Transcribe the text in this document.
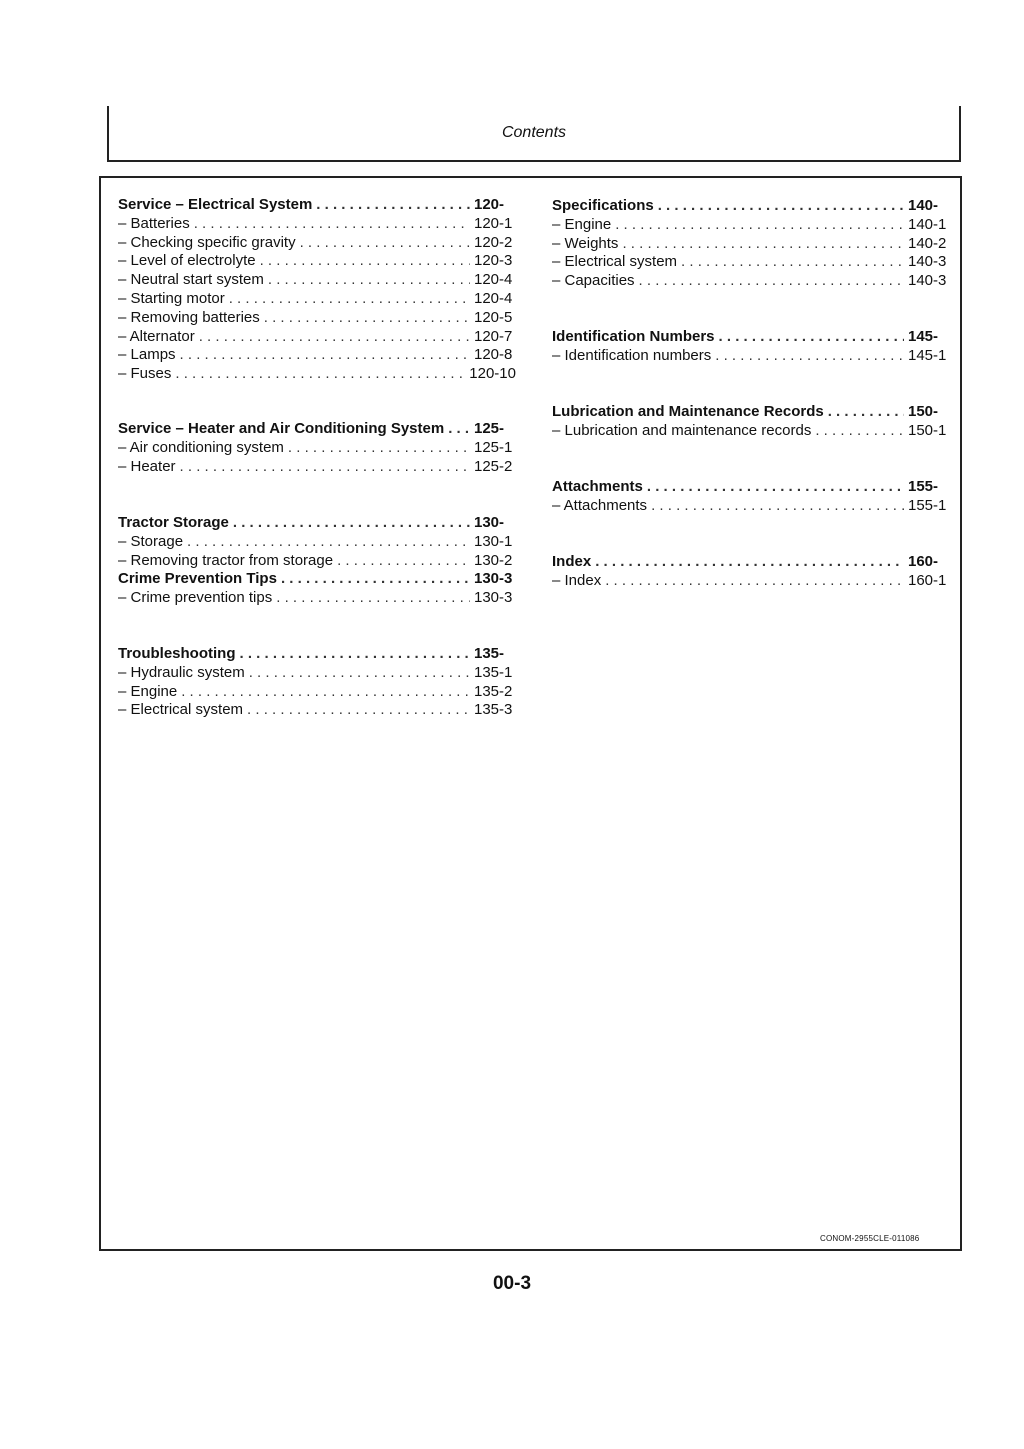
Contents
Service – Electrical System . . .	120-
– Batteries . . .	120-1
– Checking specific gravity . . .	120-2
– Level of electrolyte . . .	120-3
– Neutral start system . . .	120-4
– Starting motor . . .	120-4
– Removing batteries . . .	120-5
– Alternator . . .	120-7
– Lamps . . .	120-8
– Fuses . . .	120-10
Service – Heater and Air Conditioning System . . . 125-
– Air conditioning system . . .	125-1
– Heater . . .	125-2
Tractor Storage . . .	130-
– Storage . . .	130-1
– Removing tractor from storage . . .	130-2
Crime Prevention Tips . . .	130-3
– Crime prevention tips . . .	130-3
Troubleshooting . . .	135-
– Hydraulic system . . .	135-1
– Engine . . .	135-2
– Electrical system . . .	135-3
Specifications . . .	140-
– Engine . . .	140-1
– Weights . . .	140-2
– Electrical system . . .	140-3
– Capacities . . .	140-3
Identification Numbers . . .	145-
– Identification numbers . . .	145-1
Lubrication and Maintenance Records . . .	150-
– Lubrication and maintenance records . . .	150-1
Attachments . . .	155-
– Attachments . . .	155-1
Index . . .	160-
– Index . . .	160-1
CONOM-2955CLE-011086
00-3
